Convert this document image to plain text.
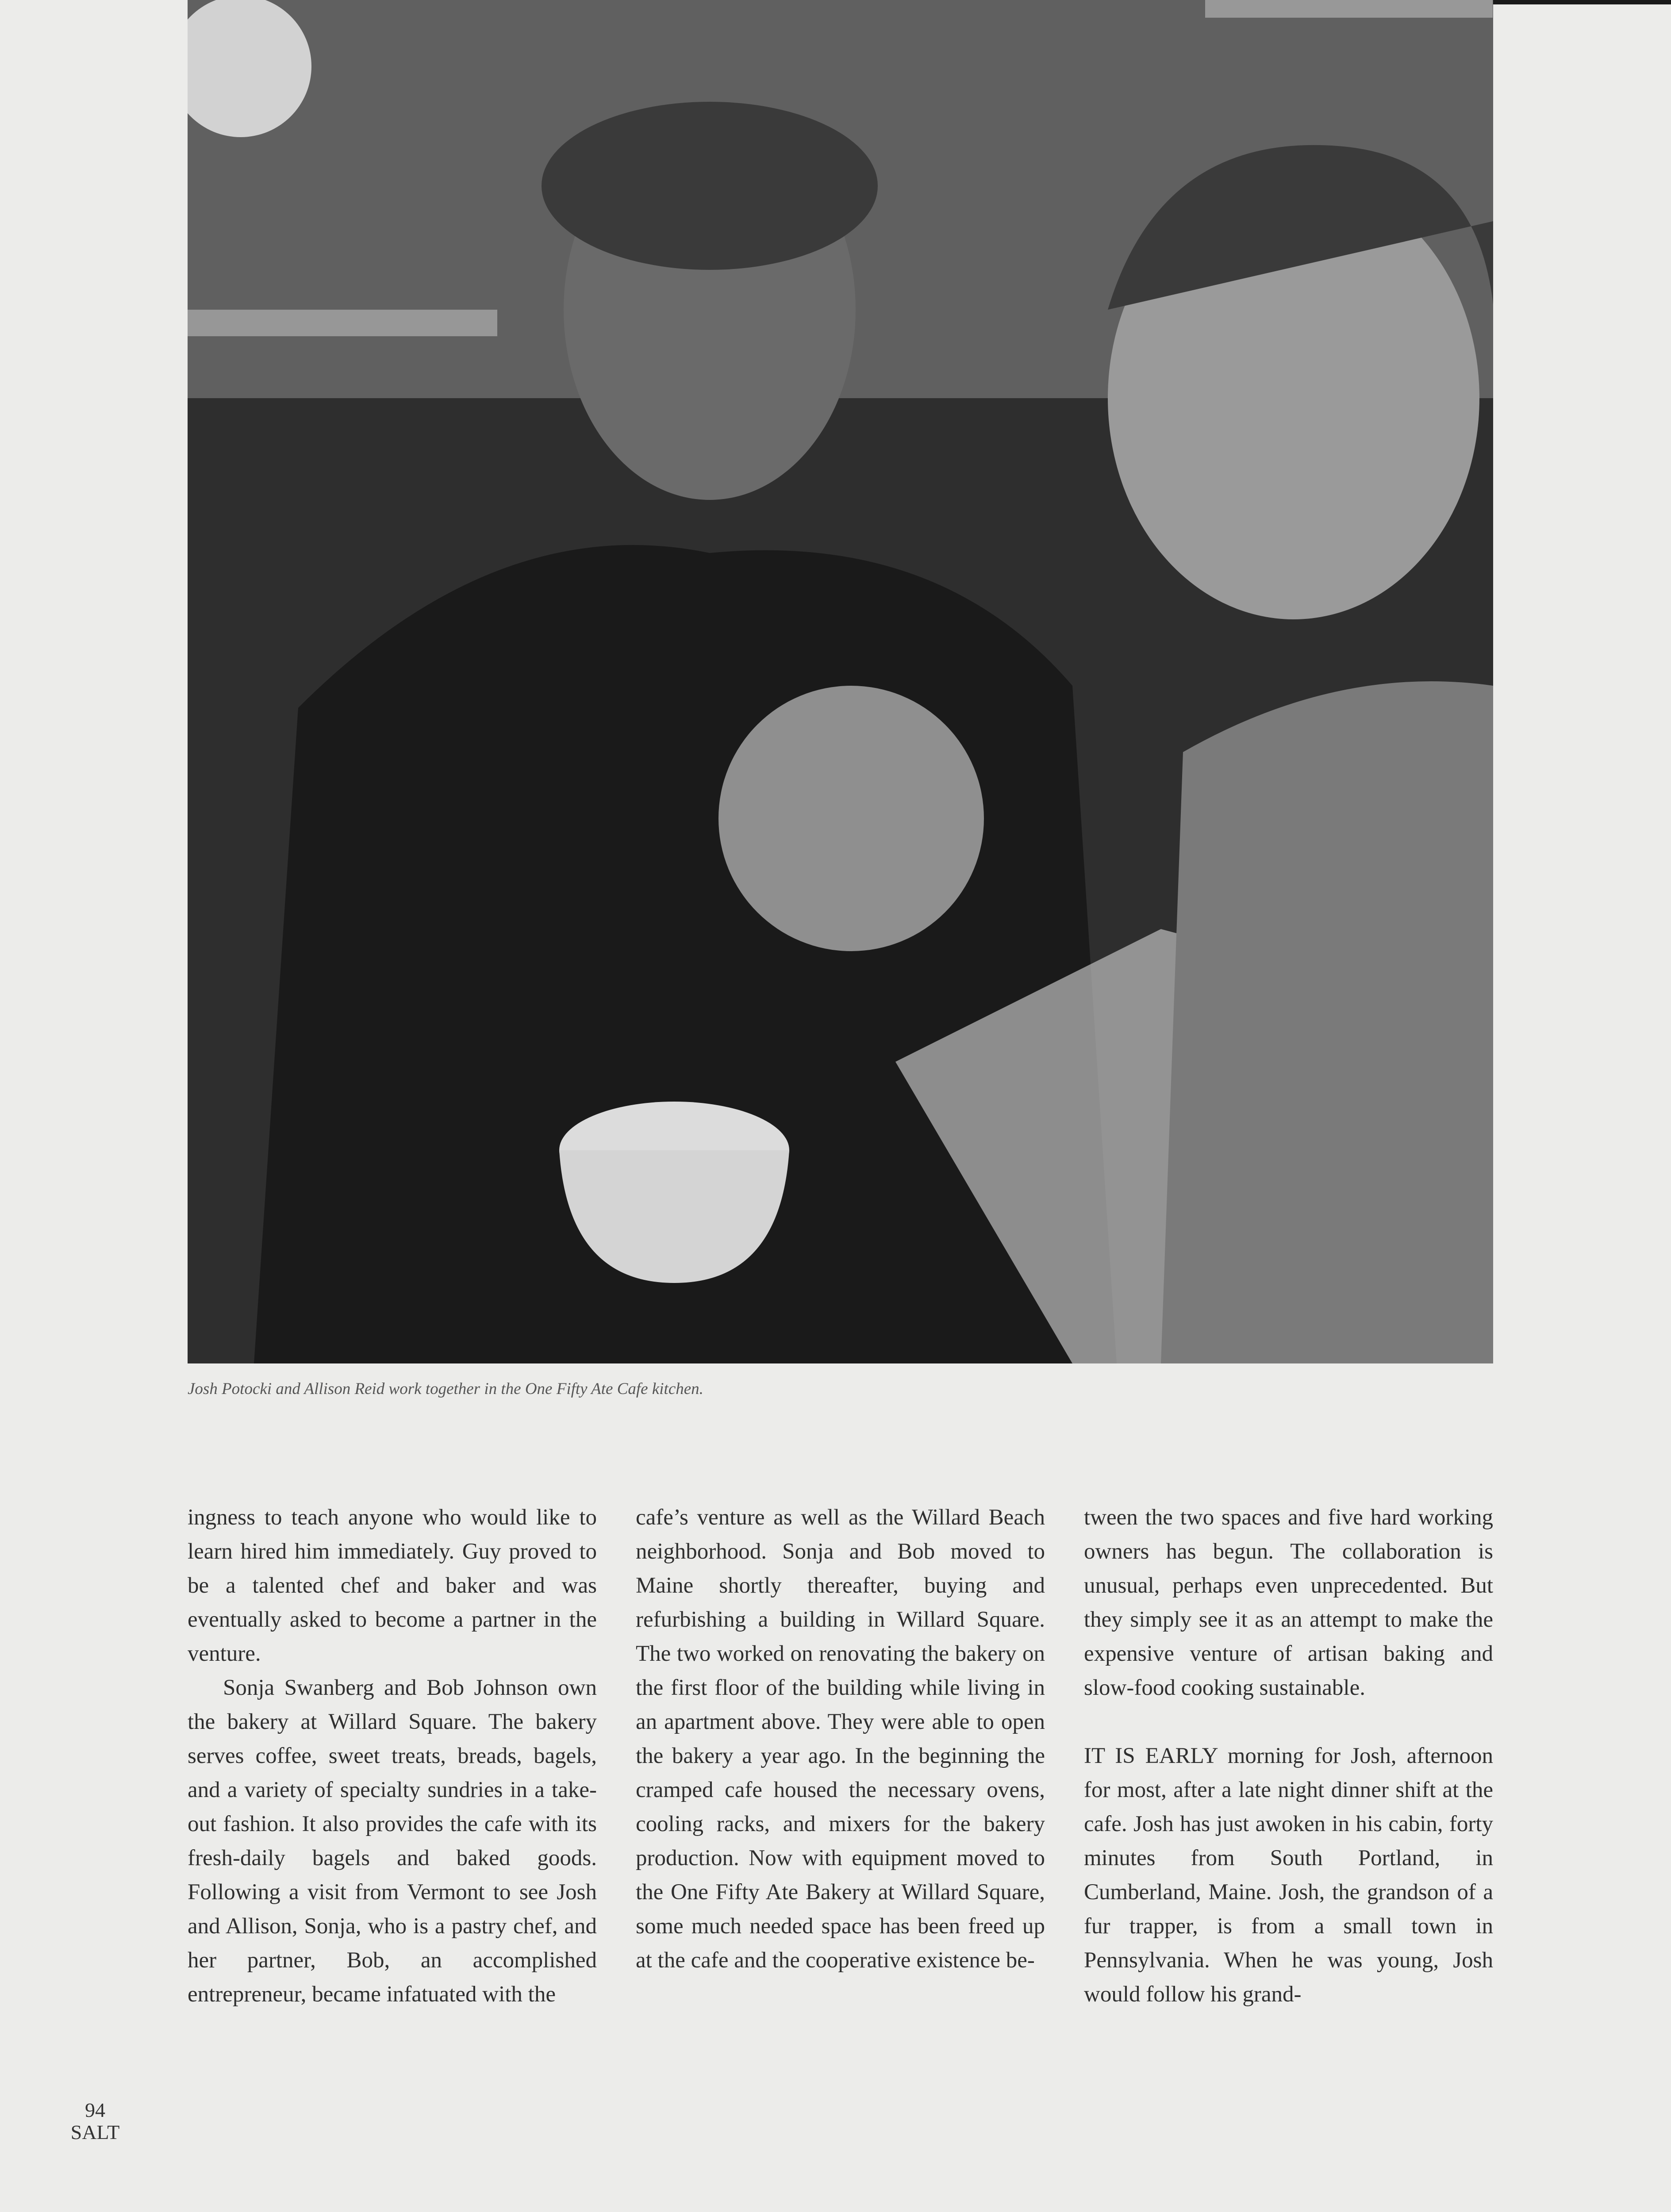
Josh Potocki and Allison Reid work together in the One Fifty Ate Cafe kitchen.

ingness to teach anyone who would like to learn hired him immediately. Guy proved to be a talented chef and baker and was eventually asked to become a partner in the venture.

Sonja Swanberg and Bob Johnson own the bakery at Willard Square. The bakery serves coffee, sweet treats, breads, bagels, and a variety of specialty sundries in a take-out fashion. It also provides the cafe with its fresh-daily bagels and baked goods. Following a visit from Vermont to see Josh and Allison, Sonja, who is a pastry chef, and her partner, Bob, an accomplished entrepreneur, became infatuated with the

cafe’s venture as well as the Willard Beach neighborhood. Sonja and Bob moved to Maine shortly thereafter, buying and refurbishing a building in Willard Square. The two worked on renovating the bakery on the first floor of the building while living in an apartment above. They were able to open the bakery a year ago. In the beginning the cramped cafe housed the necessary ovens, cooling racks, and mixers for the bakery production. Now with equipment moved to the One Fifty Ate Bakery at Willard Square, some much needed space has been freed up at the cafe and the cooperative existence be-

tween the two spaces and five hard working owners has begun. The collaboration is unusual, perhaps even unprecedented. But they simply see it as an attempt to make the expensive venture of artisan baking and slow-food cooking sustainable.

IT IS EARLY morning for Josh, afternoon for most, after a late night dinner shift at the cafe. Josh has just awoken in his cabin, forty minutes from South Portland, in Cumberland, Maine. Josh, the grandson of a fur trapper, is from a small town in Pennsylvania. When he was young, Josh would follow his grand-

94
SALT
